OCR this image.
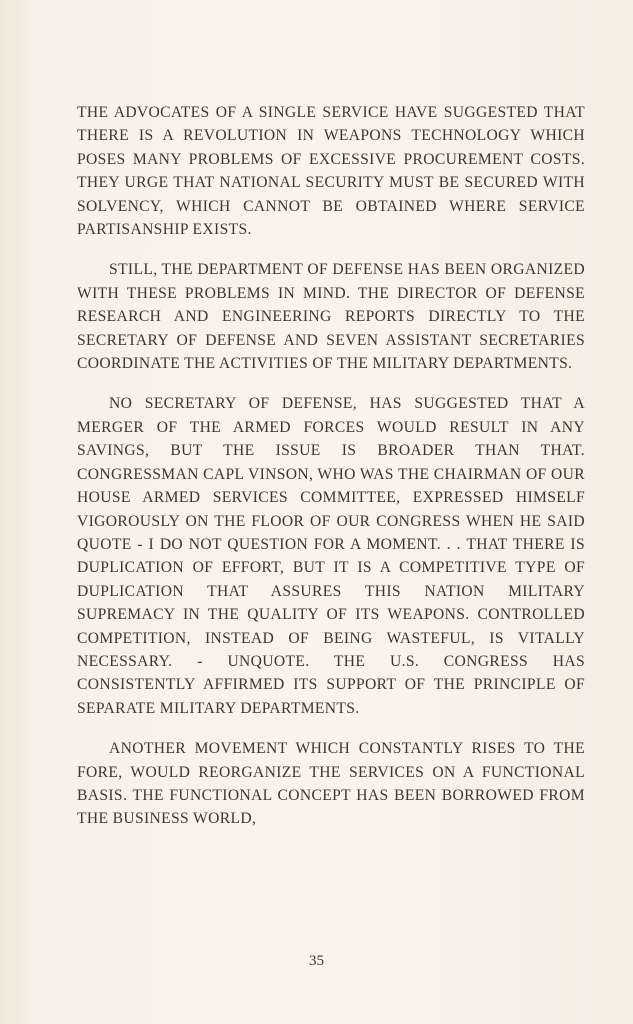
THE ADVOCATES OF A SINGLE SERVICE HAVE SUGGESTED THAT THERE IS A REVOLUTION IN WEAPONS TECHNOLOGY WHICH POSES MANY PROBLEMS OF EXCESSIVE PROCUREMENT COSTS. THEY URGE THAT NATIONAL SECURITY MUST BE SECURED WITH SOLVENCY, WHICH CANNOT BE OBTAINED WHERE SERVICE PARTISANSHIP EXISTS.

STILL, THE DEPARTMENT OF DEFENSE HAS BEEN ORGANIZED WITH THESE PROBLEMS IN MIND. THE DIRECTOR OF DEFENSE RESEARCH AND ENGINEERING REPORTS DIRECTLY TO THE SECRETARY OF DEFENSE AND SEVEN ASSISTANT SECRETARIES COORDINATE THE ACTIVITIES OF THE MILITARY DEPARTMENTS.

NO SECRETARY OF DEFENSE, HAS SUGGESTED THAT A MERGER OF THE ARMED FORCES WOULD RESULT IN ANY SAVINGS, BUT THE ISSUE IS BROADER THAN THAT. CONGRESSMAN CAPL VINSON, WHO WAS THE CHAIRMAN OF OUR HOUSE ARMED SERVICES COMMITTEE, EXPRESSED HIMSELF VIGOROUSLY ON THE FLOOR OF OUR CONGRESS WHEN HE SAID QUOTE - I DO NOT QUESTION FOR A MOMENT. . . THAT THERE IS DUPLICATION OF EFFORT, BUT IT IS A COMPETITIVE TYPE OF DUPLICATION THAT ASSURES THIS NATION MILITARY SUPREMACY IN THE QUALITY OF ITS WEAPONS. CONTROLLED COMPETITION, INSTEAD OF BEING WASTEFUL, IS VITALLY NECESSARY. - UNQUOTE. THE U.S. CONGRESS HAS CONSISTENTLY AFFIRMED ITS SUPPORT OF THE PRINCIPLE OF SEPARATE MILITARY DEPARTMENTS.

ANOTHER MOVEMENT WHICH CONSTANTLY RISES TO THE FORE, WOULD REORGANIZE THE SERVICES ON A FUNCTIONAL BASIS. THE FUNCTIONAL CONCEPT HAS BEEN BORROWED FROM THE BUSINESS WORLD,

35
